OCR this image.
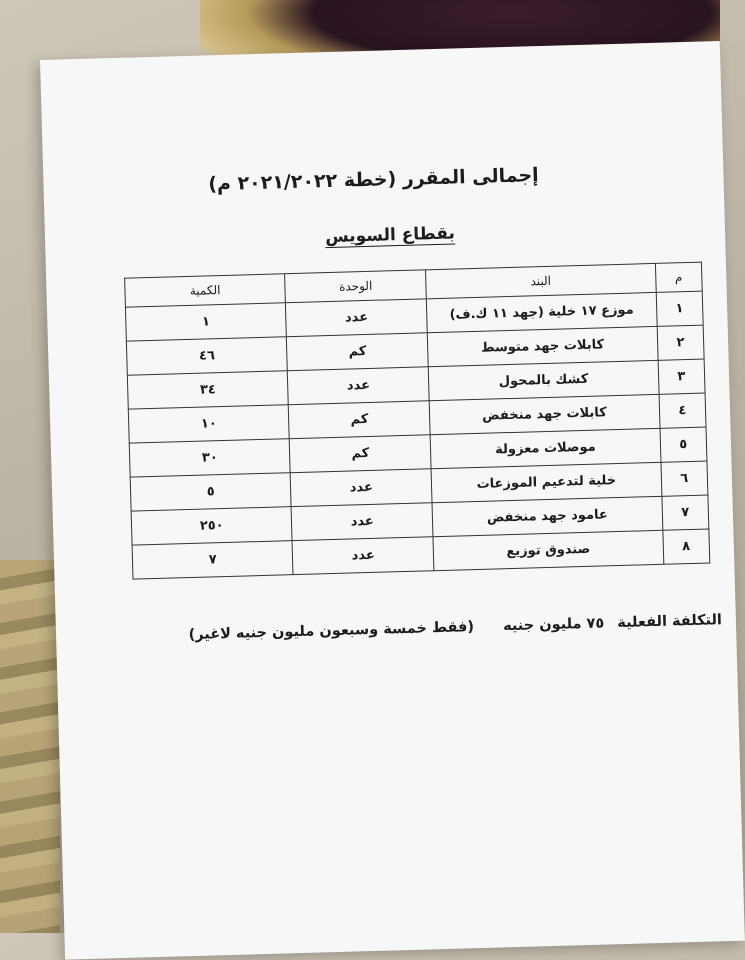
إجمالى المقرر (خطة ٢٠٢١/٢٠٢٢ م)
بقطاع السويس
م	البند	الوحدة	الكمية
١	موزع ١٧ خلية (جهد ١١ ك.ف)	عدد	١
٢	كابلات جهد متوسط	كم	٤٦
٣	كشك بالمحول	عدد	٣٤
٤	كابلات جهد منخفض	كم	١٠
٥	موصلات معزولة	كم	٣٠
٦	خلية لتدعيم الموزعات	عدد	٥
٧	عامود جهد منخفض	عدد	٢٥٠
٨	صندوق توزيع	عدد	٧
التكلفة الفعلية ٧٥ مليون جنيه (فقط خمسة وسبعون مليون جنيه لاغير)
